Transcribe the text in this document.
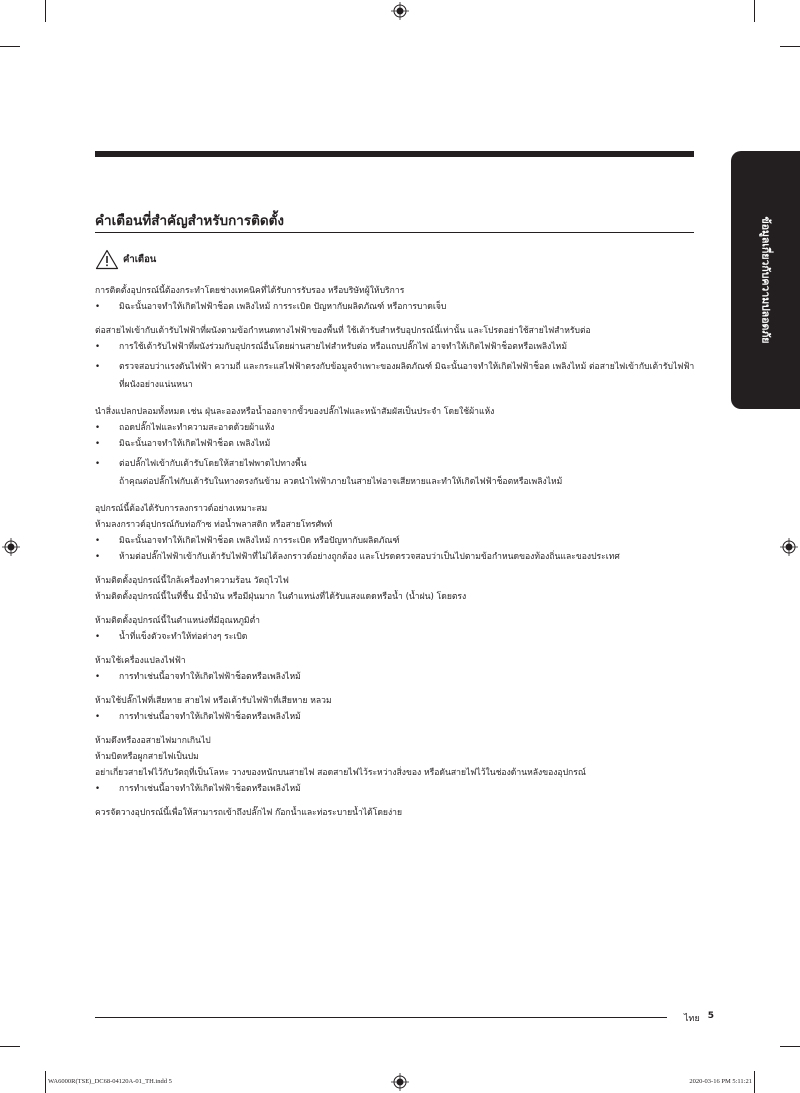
ข้อมูลเกี่ยวกับความปลอดภัย
คำเตือนที่สำคัญสำหรับการติดตั้ง
คำเตือน
การติดตั้งอุปกรณ์นี้ต้องกระทำโดยช่างเทคนิคที่ได้รับการรับรอง หรือบริษัทผู้ให้บริการ
• มิฉะนั้นอาจทำให้เกิดไฟฟ้าช็อต เพลิงไหม้ การระเบิด ปัญหากับผลิตภัณฑ์ หรือการบาดเจ็บ
ต่อสายไฟเข้ากับเต้ารับไฟฟ้าที่ผนังตามข้อกำหนดทางไฟฟ้าของพื้นที่ ใช้เต้ารับสำหรับอุปกรณ์นี้เท่านั้น และโปรดอย่าใช้สายไฟสำหรับต่อ
• การใช้เต้ารับไฟฟ้าที่ผนังร่วมกับอุปกรณ์อื่นโดยผ่านสายไฟสำหรับต่อ หรือแถบปลั๊กไฟ อาจทำให้เกิดไฟฟ้าช็อตหรือเพลิงไหม้
• ตรวจสอบว่าแรงดันไฟฟ้า ความถี่ และกระแสไฟฟ้าตรงกับข้อมูลจำเพาะของผลิตภัณฑ์ มิฉะนั้นอาจทำให้เกิดไฟฟ้าช็อต เพลิงไหม้ ต่อสายไฟเข้ากับเต้ารับไฟฟ้า
ที่ผนังอย่างแน่นหนา
นำสิ่งแปลกปลอมทั้งหมด เช่น ฝุ่นละอองหรือน้ำออกจากขั้วของปลั๊กไฟและหน้าสัมผัสเป็นประจำ โดยใช้ผ้าแห้ง
• ถอดปลั๊กไฟและทำความสะอาดด้วยผ้าแห้ง
• มิฉะนั้นอาจทำให้เกิดไฟฟ้าช็อต เพลิงไหม้
• ต่อปลั๊กไฟเข้ากับเต้ารับโดยให้สายไฟพาดไปทางพื้น
ถ้าคุณต่อปลั๊กไฟกับเต้ารับในทางตรงกันข้าม ลวดนำไฟฟ้าภายในสายไฟอาจเสียหายและทำให้เกิดไฟฟ้าช็อตหรือเพลิงไหม้
อุปกรณ์นี้ต้องได้รับการลงกราวด์อย่างเหมาะสม
ห้ามลงกราวด์อุปกรณ์กับท่อก๊าซ ท่อน้ำพลาสติก หรือสายโทรศัพท์
• มิฉะนั้นอาจทำให้เกิดไฟฟ้าช็อต เพลิงไหม้ การระเบิด หรือปัญหากับผลิตภัณฑ์
• ห้ามต่อปลั๊กไฟฟ้าเข้ากับเต้ารับไฟฟ้าที่ไม่ได้ลงกราวด์อย่างถูกต้อง และโปรดตรวจสอบว่าเป็นไปตามข้อกำหนดของท้องถิ่นและของประเทศ
ห้ามติดตั้งอุปกรณ์นี้ใกล้เครื่องทำความร้อน วัตถุไวไฟ
ห้ามติดตั้งอุปกรณ์นี้ในที่ชื้น มีน้ำมัน หรือมีฝุ่นมาก ในตำแหน่งที่ได้รับแสงแดดหรือน้ำ (น้ำฝน) โดยตรง
ห้ามติดตั้งอุปกรณ์นี้ในตำแหน่งที่มีอุณหภูมิต่ำ
• น้ำที่แข็งตัวจะทำให้ท่อต่างๆ ระเบิด
ห้ามใช้เครื่องแปลงไฟฟ้า
• การทำเช่นนี้อาจทำให้เกิดไฟฟ้าช็อตหรือเพลิงไหม้
ห้ามใช้ปลั๊กไฟที่เสียหาย สายไฟ หรือเต้ารับไฟฟ้าที่เสียหาย หลวม
• การทำเช่นนี้อาจทำให้เกิดไฟฟ้าช็อตหรือเพลิงไหม้
ห้ามดึงหรืองอสายไฟมากเกินไป
ห้ามบิดหรือผูกสายไฟเป็นปม
อย่าเกี่ยวสายไฟไว้กับวัตถุที่เป็นโลหะ วางของหนักบนสายไฟ สอดสายไฟไว้ระหว่างสิ่งของ หรือดันสายไฟไว้ในช่องด้านหลังของอุปกรณ์
• การทำเช่นนี้อาจทำให้เกิดไฟฟ้าช็อตหรือเพลิงไหม้
ควรจัดวางอุปกรณ์นี้เพื่อให้สามารถเข้าถึงปลั๊กไฟ ก๊อกน้ำและท่อระบายน้ำได้โดยง่าย
ไทย 5
WA6000R(TSE)_DC68-04120A-01_TH.indd 5	2020-03-16 PM 5:11:21
